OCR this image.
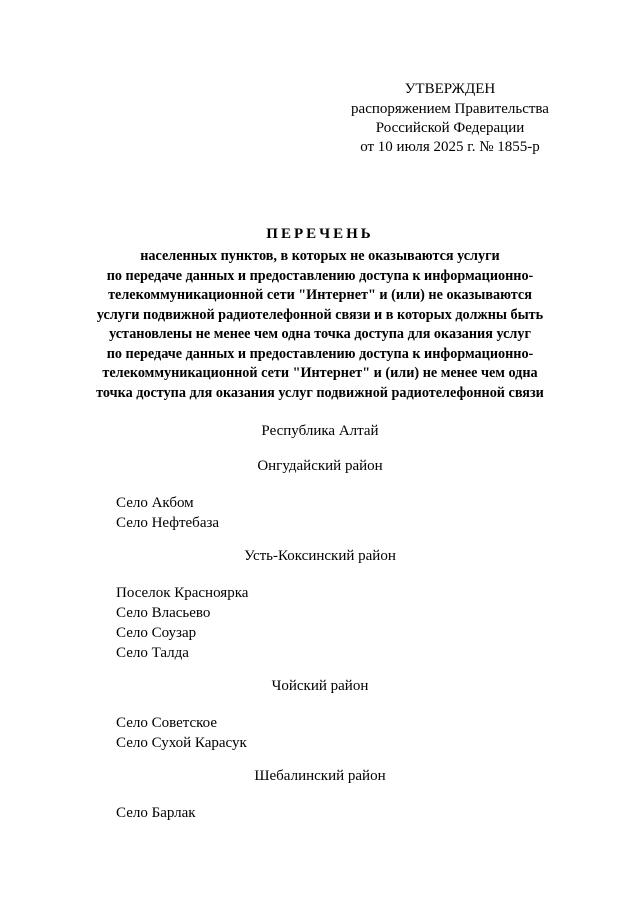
УТВЕРЖДЕН
распоряжением Правительства
Российской Федерации
от 10 июля 2025 г. № 1855-р
ПЕРЕЧЕНЬ
населенных пунктов, в которых не оказываются услуги
по передаче данных и предоставлению доступа к информационно-
телекоммуникационной сети "Интернет" и (или) не оказываются
услуги подвижной радиотелефонной связи и в которых должны быть
установлены не менее чем одна точка доступа для оказания услуг
по передаче данных и предоставлению доступа к информационно-
телекоммуникационной сети "Интернет" и (или) не менее чем одна
точка доступа для оказания услуг подвижной радиотелефонной связи
Республика Алтай
Онгудайский район
Село Акбом
Село Нефтебаза
Усть-Коксинский район
Поселок Красноярка
Село Власьево
Село Соузар
Село Талда
Чойский район
Село Советское
Село Сухой Карасук
Шебалинский район
Село Барлак
